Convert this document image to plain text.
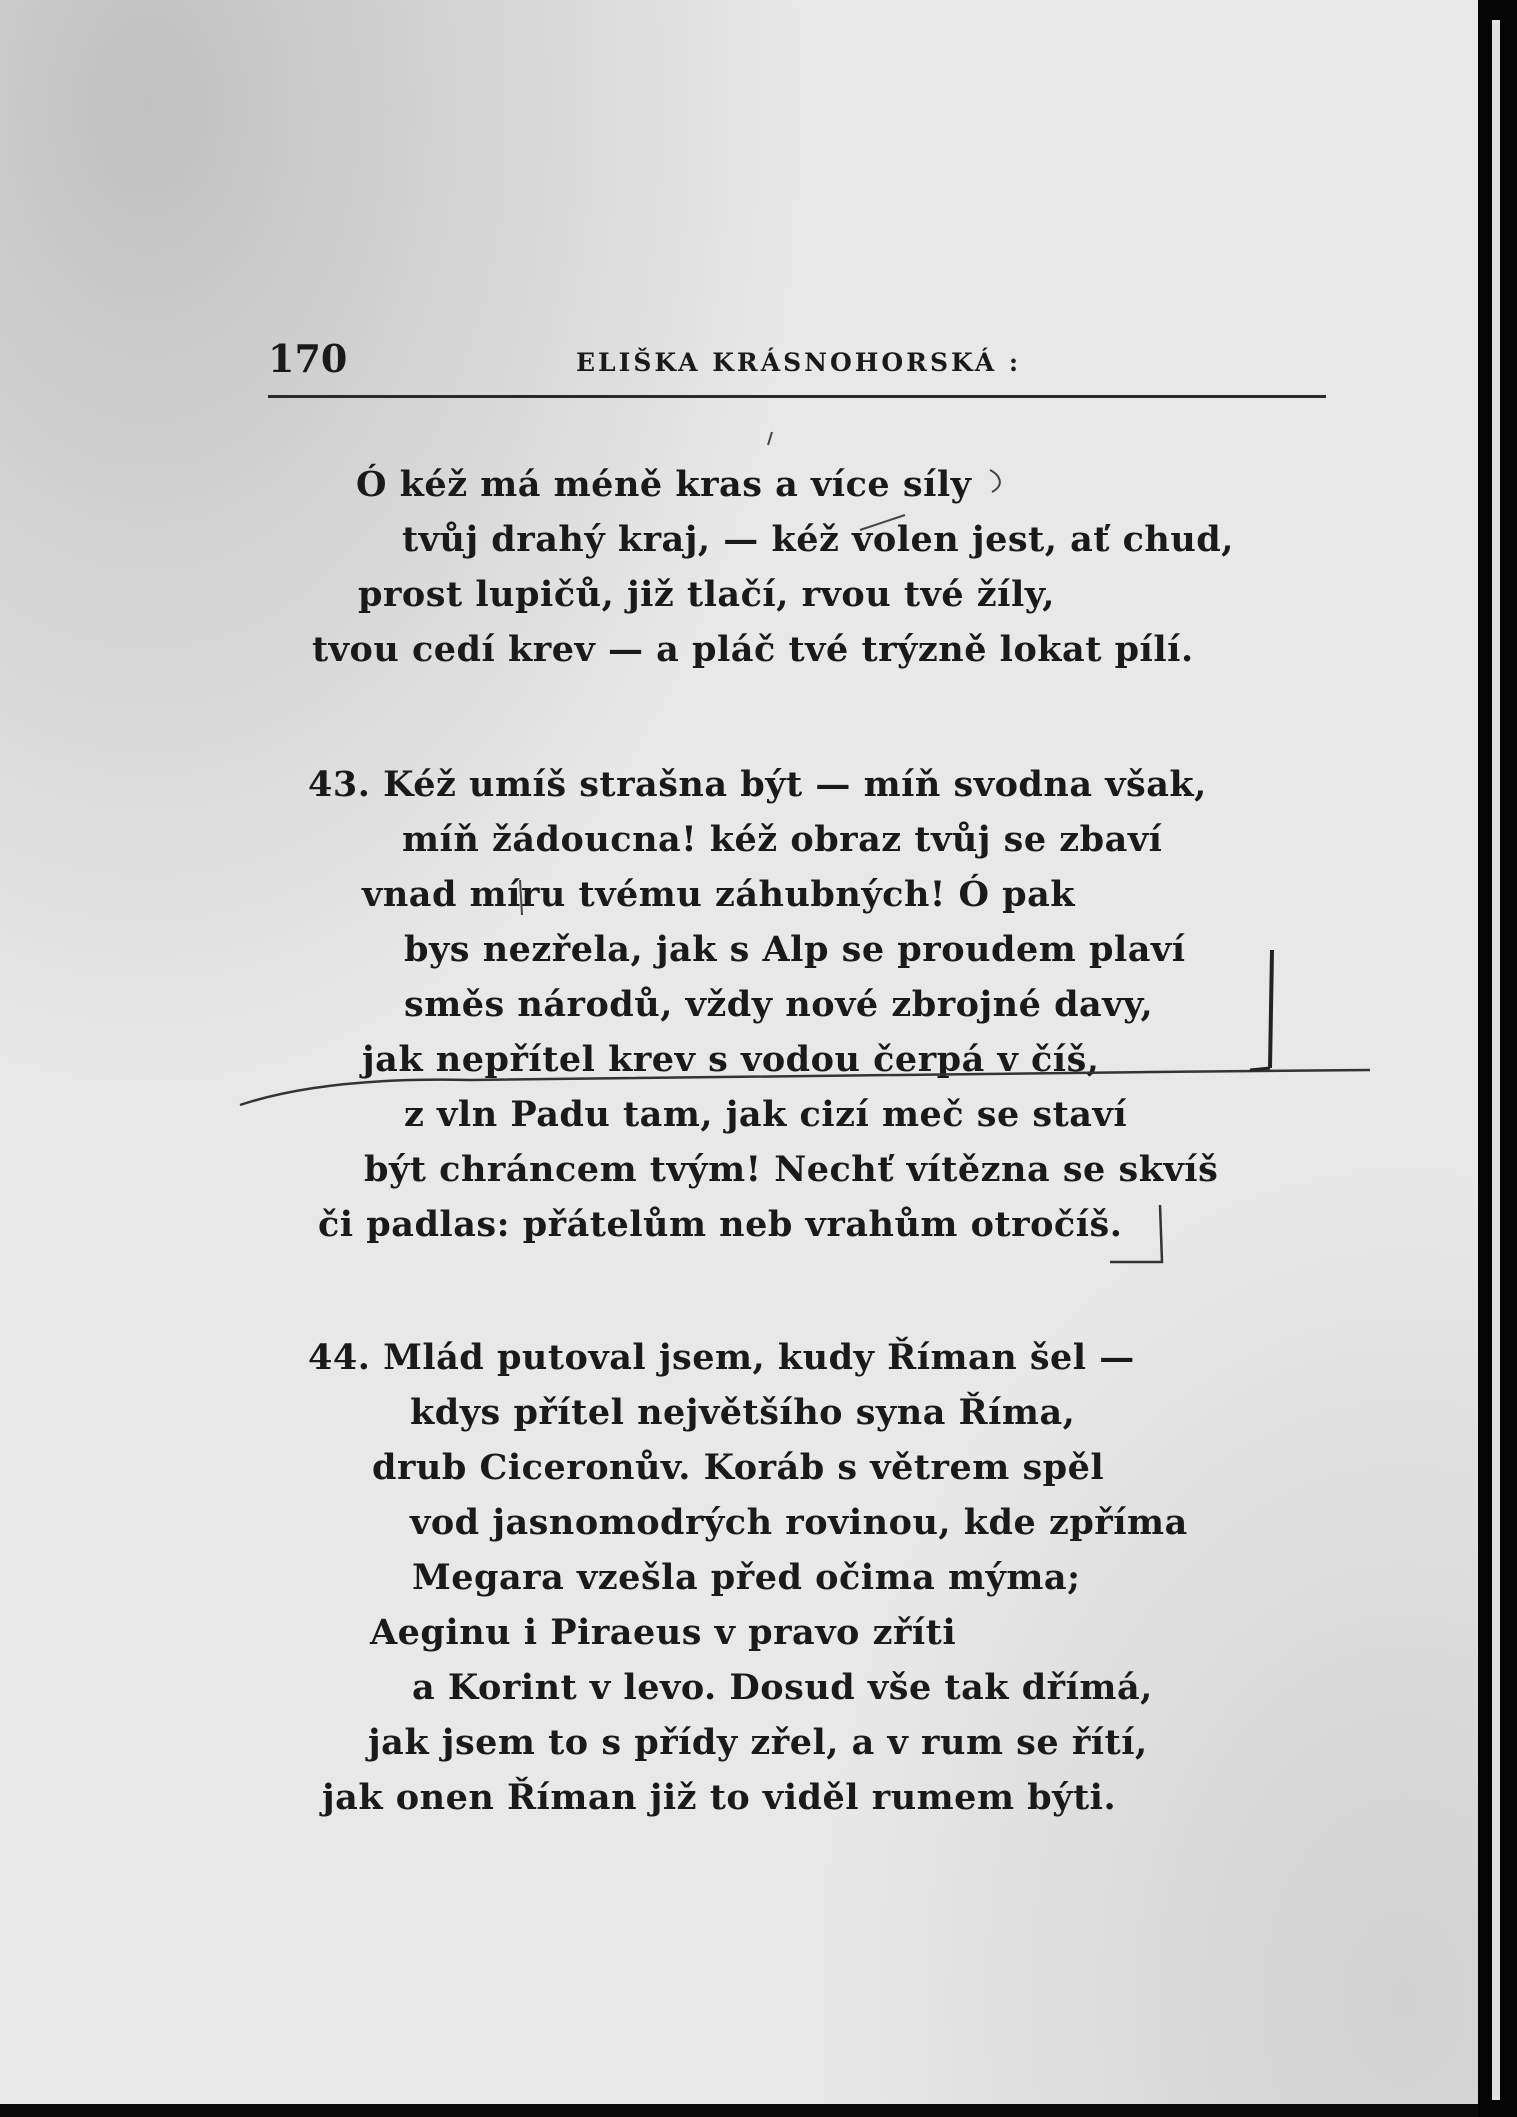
170	ELIŠKA KRÁSNOHORSKÁ :
Ó kéž má méně kras a více síly
tvůj drahý kraj, — kéž volen jest, ať chud,
prost lupičů, již tlačí, rvou tvé žíly,
tvou cedí krev — a pláč tvé trýzně lokat pílí.
43. Kéž umíš strašna být — míň svodna však,
míň žádoucna! kéž obraz tvůj se zbaví
vnad míru tvému záhubných! Ó pak
bys nezřela, jak s Alp se proudem plaví
směs národů, vždy nové zbrojné davy,
jak nepřítel krev s vodou čerpá v číš,
z vln Padu tam, jak cizí meč se staví
být chráncem tvým! Nechť vítězna se skvíš
či padlas: přátelům neb vrahům otročíš.
44. Mlád putoval jsem, kudy Říman šel —
kdys přítel největšího syna Říma,
drub Ciceronův. Koráb s větrem spěl
vod jasnomodrých rovinou, kde zpříma
Megara vzešla před očima mýma;
Aeginu i Piraeus v pravo zříti
a Korint v levo. Dosud vše tak dřímá,
jak jsem to s přídy zřel, a v rum se řítí,
jak onen Říman již to viděl rumem býti.
